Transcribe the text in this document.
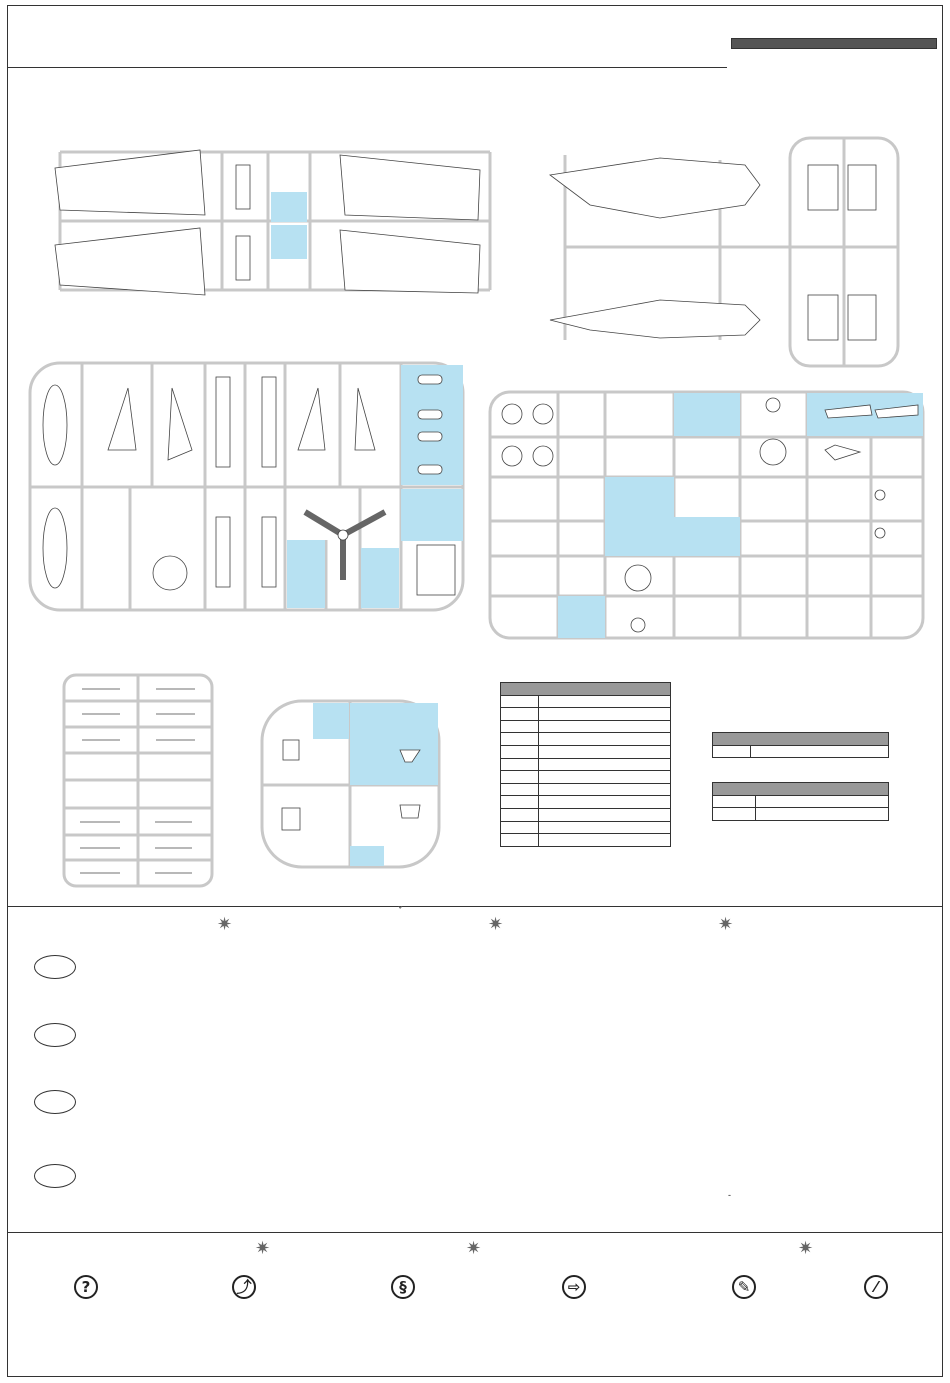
✷
ˇ
✷	✷
-
✷	✷	✷
?	⤴	§	⇨	✎	⁄
